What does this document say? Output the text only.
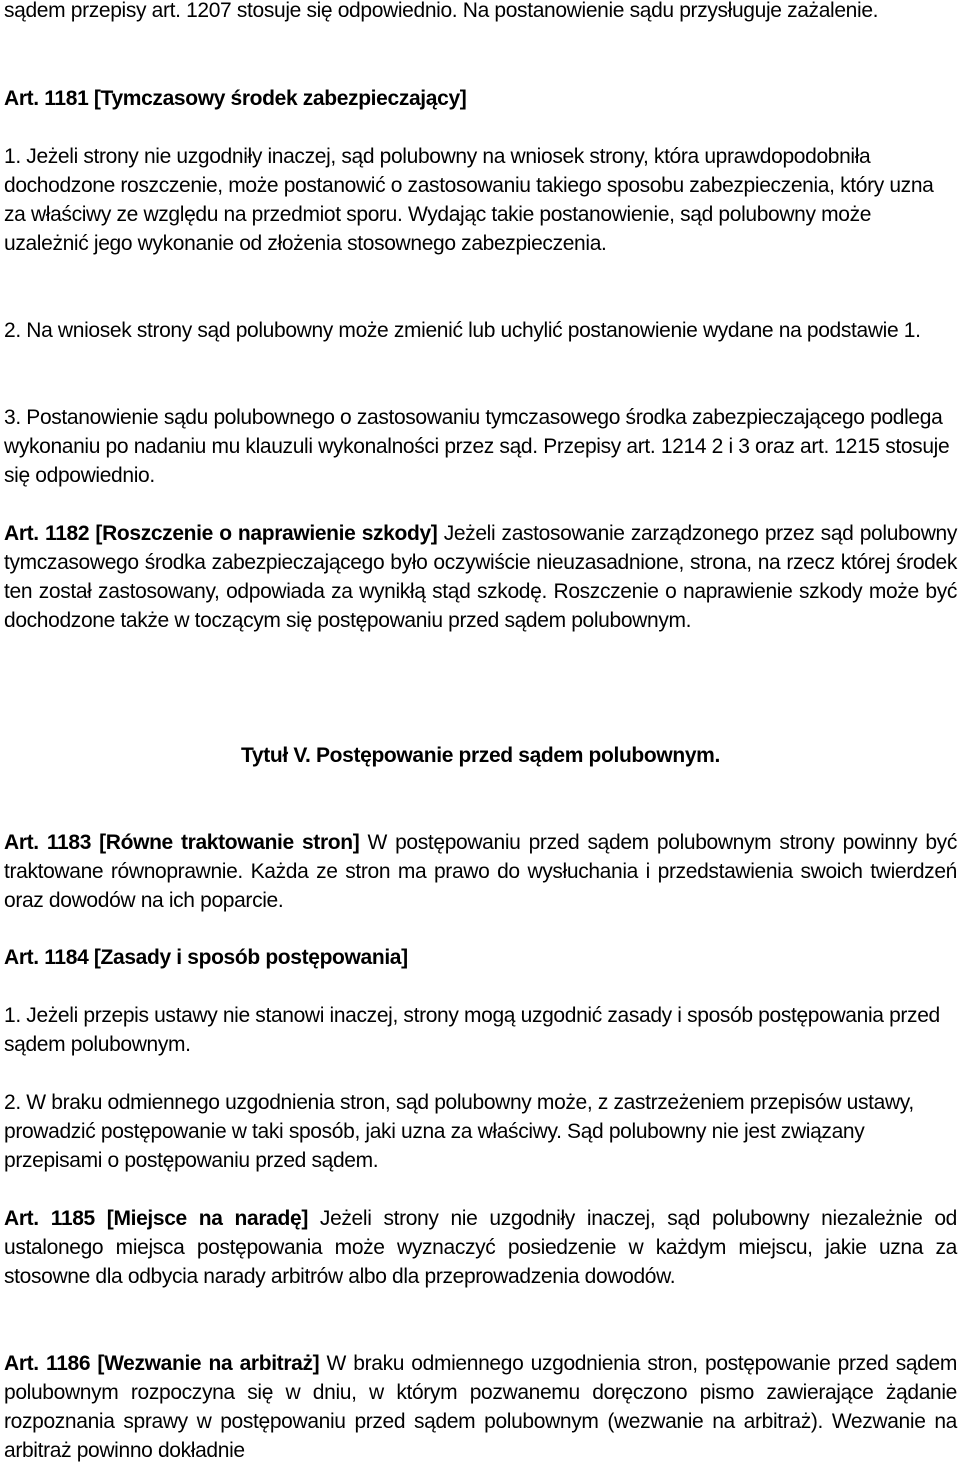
sądem przepisy art. 1207 stosuje się odpowiednio. Na postanowienie sądu przysługuje zażalenie.

Art. 1181 [Tymczasowy środek zabezpieczający]

1. Jeżeli strony nie uzgodniły inaczej, sąd polubowny na wniosek strony, która uprawdopodobniła dochodzone roszczenie, może postanowić o zastosowaniu takiego sposobu zabezpieczenia, który uzna za właściwy ze względu na przedmiot sporu. Wydając takie postanowienie, sąd polubowny może uzależnić jego wykonanie od złożenia stosownego zabezpieczenia.

2. Na wniosek strony sąd polubowny może zmienić lub uchylić postanowienie wydane na podstawie 1.

3. Postanowienie sądu polubownego o zastosowaniu tymczasowego środka zabezpieczającego podlega wykonaniu po nadaniu mu klauzuli wykonalności przez sąd. Przepisy art. 1214 2 i 3 oraz art. 1215 stosuje się odpowiednio.

Art. 1182 [Roszczenie o naprawienie szkody] Jeżeli zastosowanie zarządzonego przez sąd polubowny tymczasowego środka zabezpieczającego było oczywiście nieuzasadnione, strona, na rzecz której środek ten został zastosowany, odpowiada za wynikłą stąd szkodę. Roszczenie o naprawienie szkody może być dochodzone także w toczącym się postępowaniu przed sądem polubownym.

Tytuł V. Postępowanie przed sądem polubownym.

Art. 1183 [Równe traktowanie stron] W postępowaniu przed sądem polubownym strony powinny być traktowane równoprawnie. Każda ze stron ma prawo do wysłuchania i przedstawienia swoich twierdzeń oraz dowodów na ich poparcie.

Art. 1184 [Zasady i sposób postępowania]

1. Jeżeli przepis ustawy nie stanowi inaczej, strony mogą uzgodnić zasady i sposób postępowania przed sądem polubownym.

2. W braku odmiennego uzgodnienia stron, sąd polubowny może, z zastrzeżeniem przepisów ustawy, prowadzić postępowanie w taki sposób, jaki uzna za właściwy. Sąd polubowny nie jest związany przepisami o postępowaniu przed sądem.

Art. 1185 [Miejsce na naradę] Jeżeli strony nie uzgodniły inaczej, sąd polubowny niezależnie od ustalonego miejsca postępowania może wyznaczyć posiedzenie w każdym miejscu, jakie uzna za stosowne dla odbycia narady arbitrów albo dla przeprowadzenia dowodów.

Art. 1186 [Wezwanie na arbitraż] W braku odmiennego uzgodnienia stron, postępowanie przed sądem polubownym rozpoczyna się w dniu, w którym pozwanemu doręczono pismo zawierające żądanie rozpoznania sprawy w postępowaniu przed sądem polubownym (wezwanie na arbitraż). Wezwanie na arbitraż powinno dokładnie
